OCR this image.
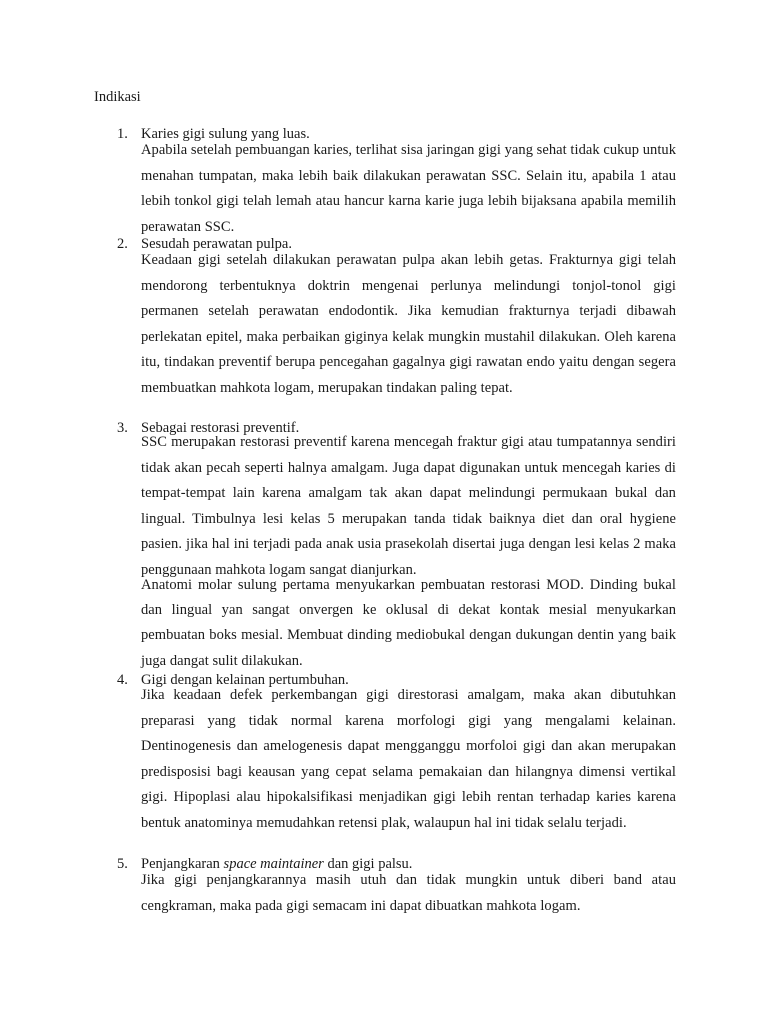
Indikasi
1. Karies gigi sulung yang luas.

Apabila setelah pembuangan karies, terlihat sisa jaringan gigi yang sehat tidak cukup untuk menahan tumpatan, maka lebih baik dilakukan perawatan SSC. Selain itu, apabila 1 atau lebih tonkol gigi telah lemah atau hancur karna karie juga lebih bijaksana apabila memilih perawatan SSC.

2. Sesudah perawatan pulpa.

Keadaan gigi setelah dilakukan perawatan pulpa akan lebih getas. Frakturnya gigi telah mendorong terbentuknya doktrin mengenai perlunya melindungi tonjol-tonol gigi permanen setelah perawatan endodontik. Jika kemudian frakturnya terjadi dibawah perlekatan epitel, maka perbaikan giginya kelak mungkin mustahil dilakukan. Oleh karena itu, tindakan preventif berupa pencegahan gagalnya gigi rawatan endo yaitu dengan segera membuatkan mahkota logam, merupakan tindakan paling tepat.

3. Sebagai restorasi preventif.

SSC merupakan restorasi preventif karena mencegah fraktur gigi atau tumpatannya sendiri tidak akan pecah seperti halnya amalgam. Juga dapat digunakan untuk mencegah karies di tempat-tempat lain karena amalgam tak akan dapat melindungi permukaan bukal dan lingual. Timbulnya lesi kelas 5 merupakan tanda tidak baiknya diet dan oral hygiene pasien. jika hal ini terjadi pada anak usia prasekolah disertai juga dengan lesi kelas 2 maka penggunaan mahkota logam sangat dianjurkan.

Anatomi molar sulung pertama menyukarkan pembuatan restorasi MOD. Dinding bukal dan lingual yan sangat onvergen ke oklusal di dekat kontak mesial menyukarkan pembuatan boks mesial. Membuat dinding mediobukal dengan dukungan dentin yang baik juga dangat sulit dilakukan.

4. Gigi dengan kelainan pertumbuhan.

Jika keadaan defek perkembangan gigi direstorasi amalgam, maka akan dibutuhkan preparasi yang tidak normal karena morfologi gigi yang mengalami kelainan. Dentinogenesis dan amelogenesis dapat mengganggu morfoloi gigi dan akan merupakan predisposisi bagi keausan yang cepat selama pemakaian dan hilangnya dimensi vertikal gigi. Hipoplasi alau hipokalsifikasi menjadikan gigi lebih rentan terhadap karies karena bentuk anatominya memudahkan retensi plak, walaupun hal ini tidak selalu terjadi.

5. Penjangkaran space maintainer dan gigi palsu.

Jika gigi penjangkarannya masih utuh dan tidak mungkin untuk diberi band atau cengkraman, maka pada gigi semacam ini dapat dibuatkan mahkota logam.
